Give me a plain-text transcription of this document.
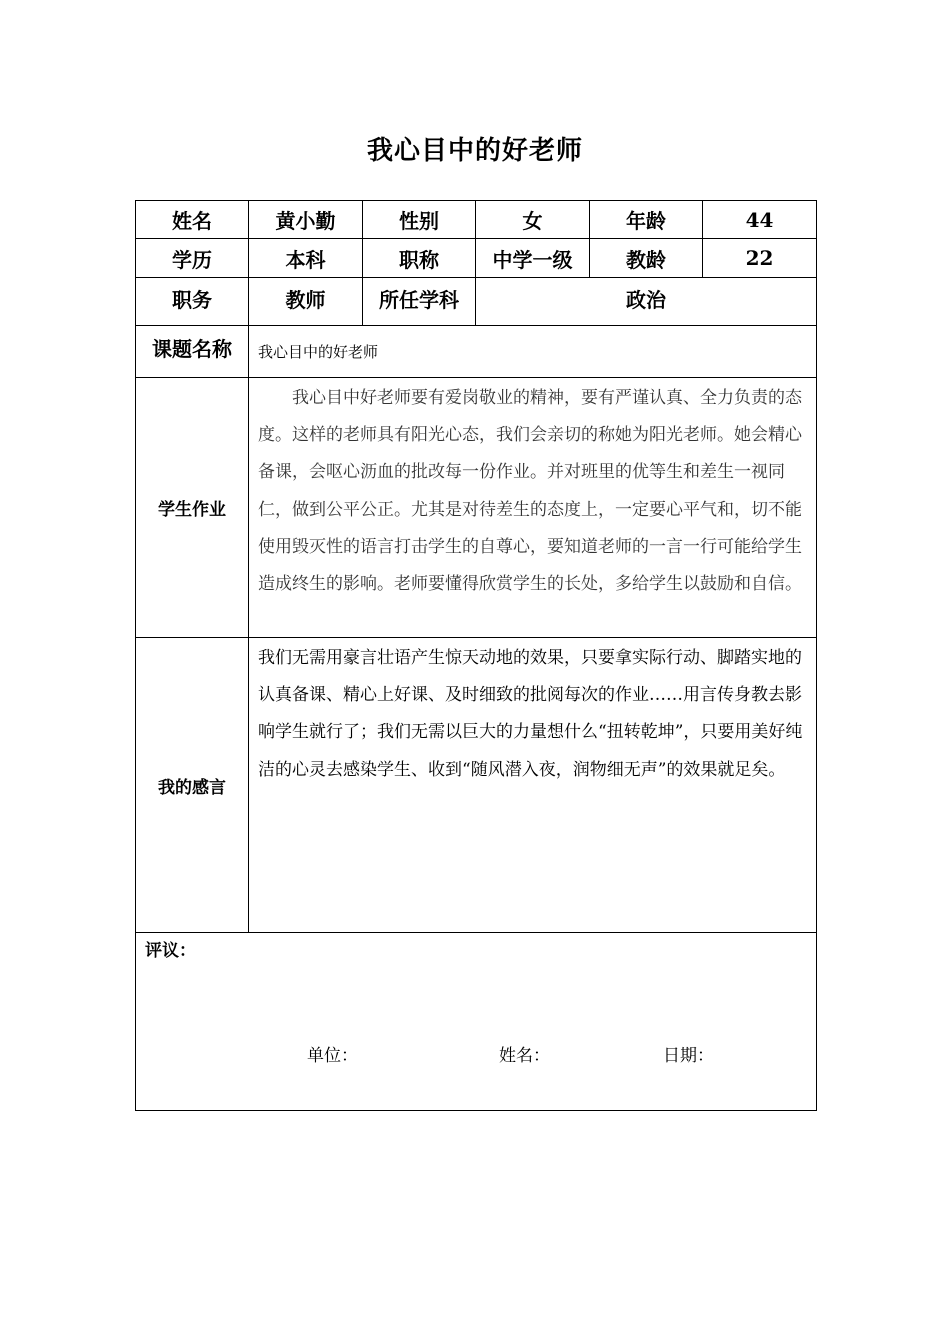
我心目中的好老师
姓名	黄小勤	性别	女	年龄	44
学历	本科	职称	中学一级	教龄	22
职务	教师	所任学科	政治		
课题名称	我心目中的好老师				
学生作业	我心目中好老师要有爱岗敬业的精神，要有严谨认真、全力负责的态度。这样的老师具有阳光心态，我们会亲切的称她为阳光老师。她会精心备课，会呕心沥血的批改每一份作业。并对班里的优等生和差生一视同仁，做到公平公正。尤其是对待差生的态度上，一定要心平气和，切不能使用毁灭性的语言打击学生的自尊心，要知道老师的一言一行可能给学生造成终生的影响。老师要懂得欣赏学生的长处，多给学生以鼓励和自信。				

我的感言	我们无需用豪言壮语产生惊天动地的效果，只要拿实际行动、脚踏实地的认真备课、精心上好课、及时细致的批阅每次的作业……用言传身教去影响学生就行了；我们无需以巨大的力量想什么“扭转乾坤”，只要用美好纯洁的心灵去感染学生、收到“随风潜入夜，润物细无声”的效果就足矣。				

评议：
单位： 姓名： 日期：					
